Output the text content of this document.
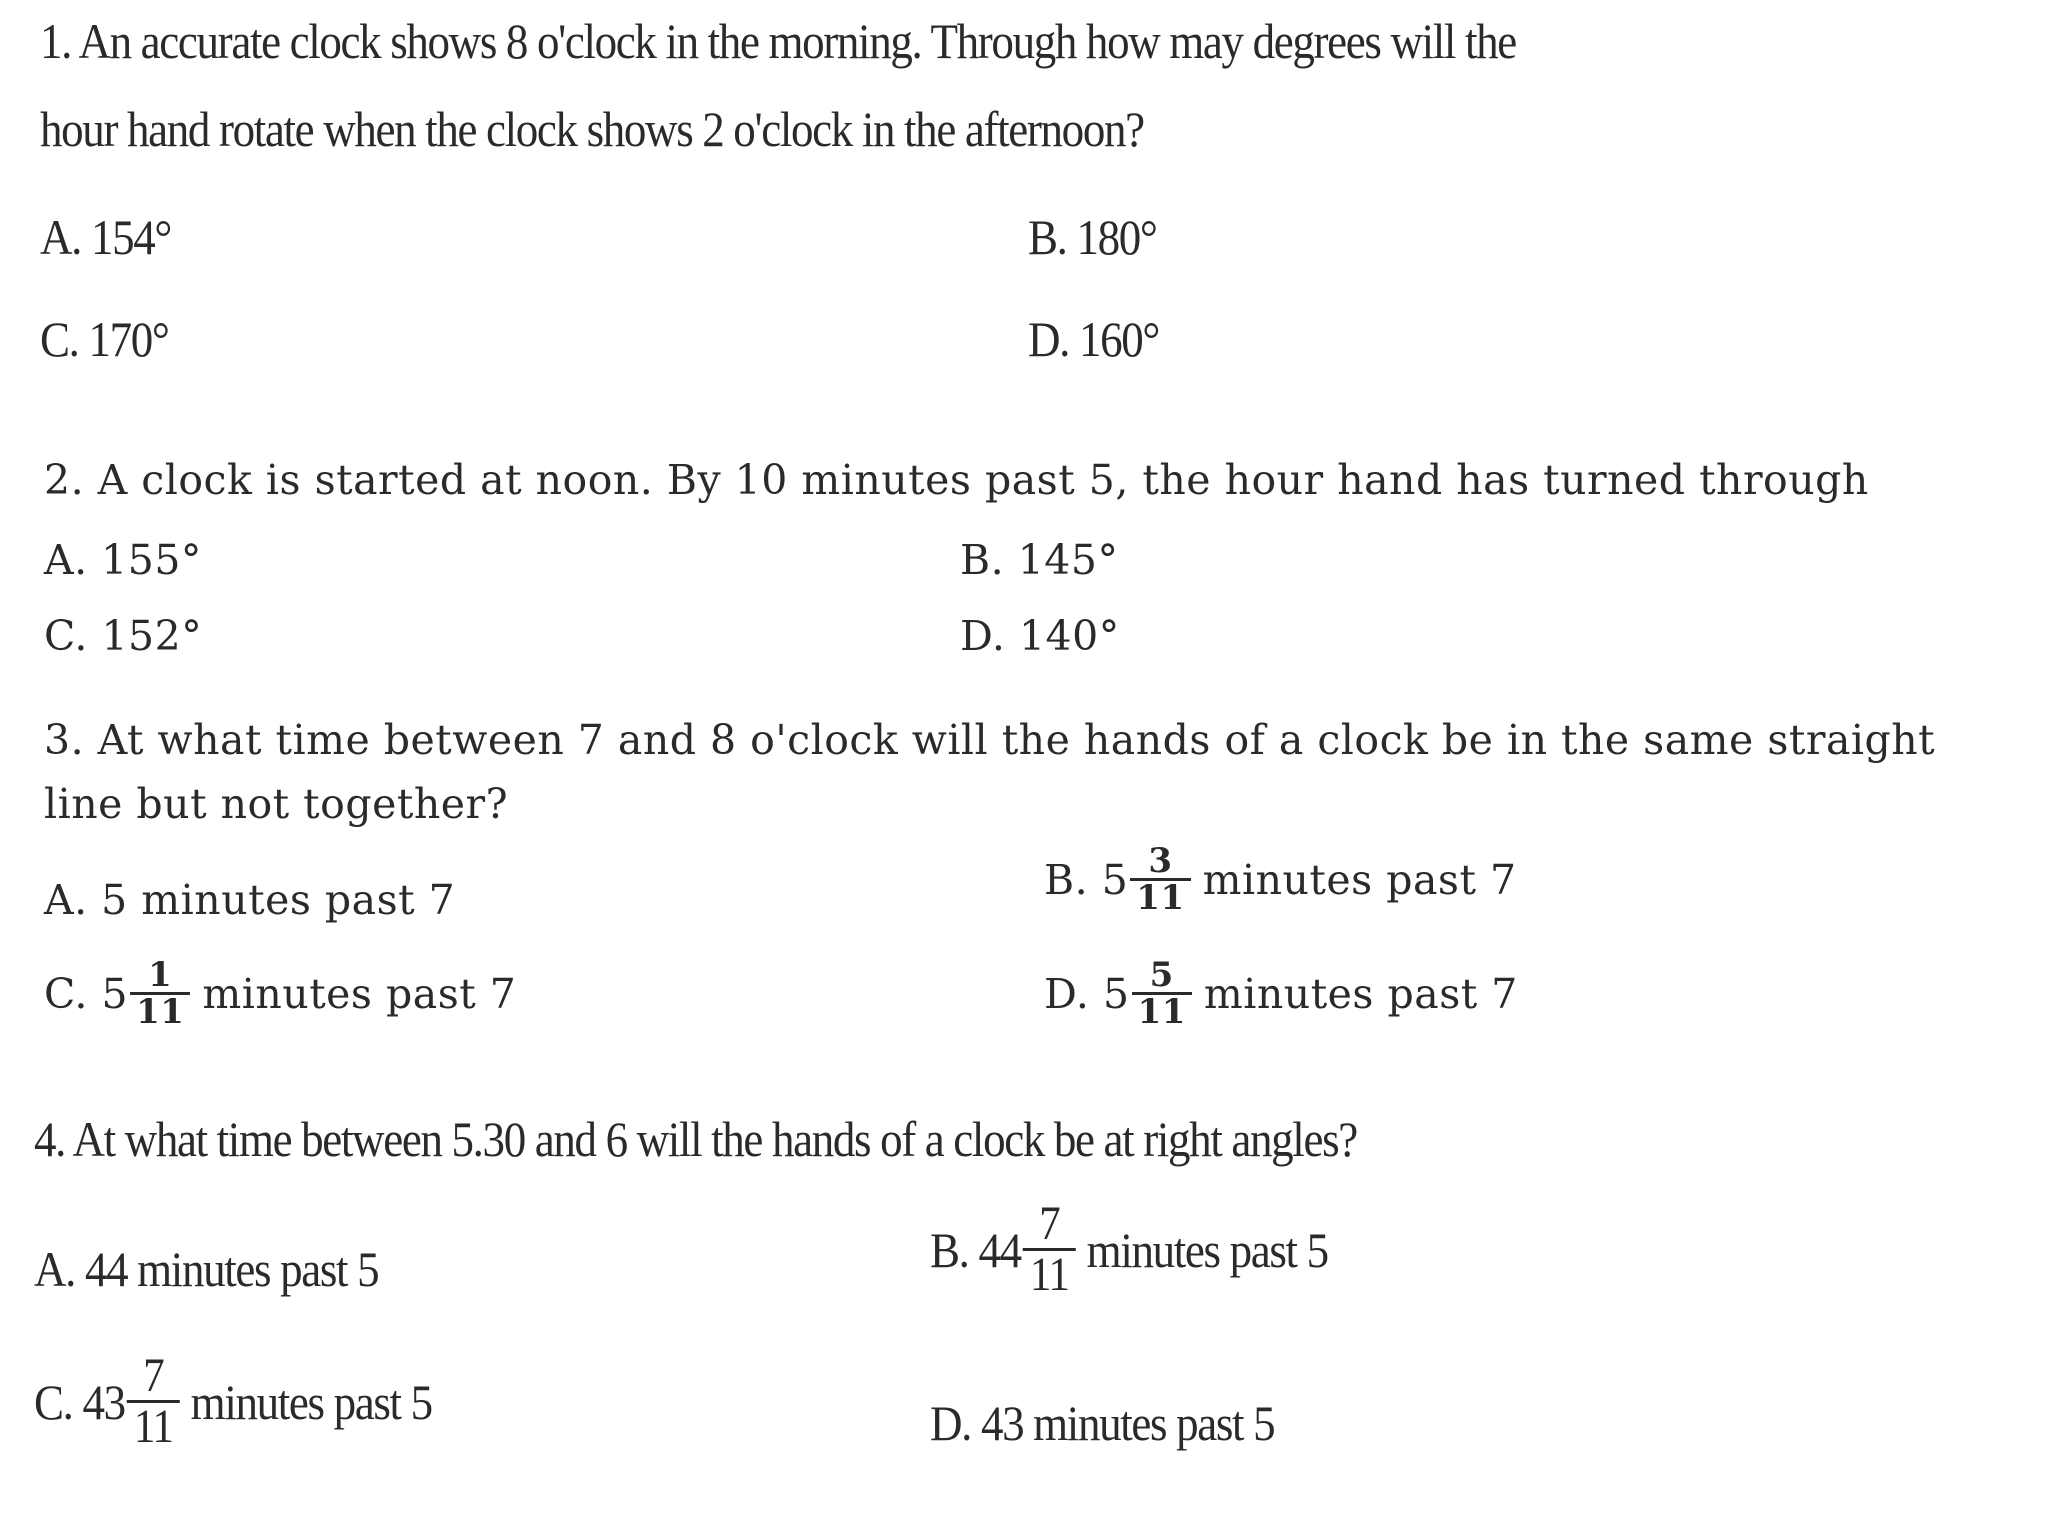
1. An accurate clock shows 8 o'clock in the morning. Through how may degrees will the
hour hand rotate when the clock shows 2 o'clock in the afternoon?
A. 154°	B. 180°
C. 170°	D. 160°
2. A clock is started at noon. By 10 minutes past 5, the hour hand has turned through
A. 155°	B. 145°
C. 152°	D. 140°
3. At what time between 7 and 8 o'clock will the hands of a clock be in the same straight
line but not together?
A. 5 minutes past 7	B. $5 \frac{3}{11}$ minutes past 7
C. $5 \frac{1}{11}$ minutes past 7	D. $5 \frac{5}{11}$ minutes past 7
4. At what time between 5.30 and 6 will the hands of a clock be at right angles?
A. 44 minutes past 5	B. $44 \frac{7}{11}$ minutes past 5
C. $43 \frac{7}{11}$ minutes past 5	D. 43 minutes past 5
